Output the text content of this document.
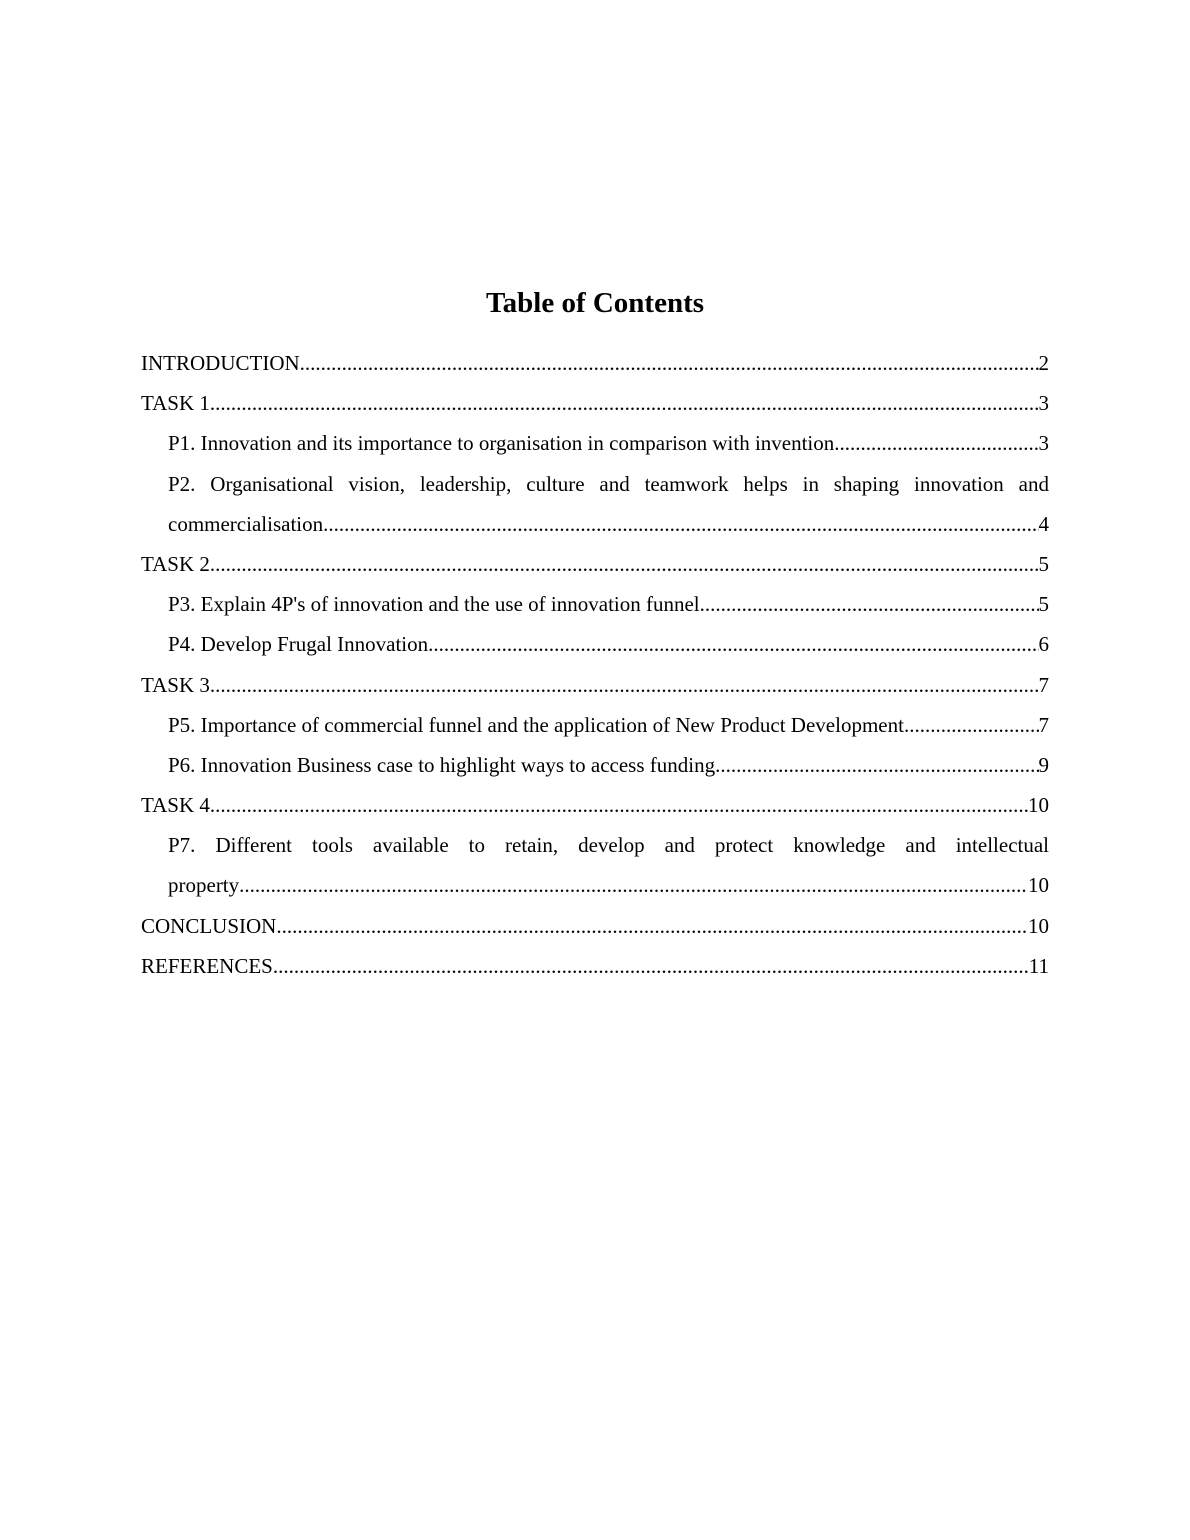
Table of Contents
INTRODUCTION .....	2
TASK 1 .....	3
P1. Innovation and its importance to organisation in comparison with invention .....	3
P2. Organisational vision, leadership, culture and teamwork helps in shaping innovation and
commercialisation .....	4
TASK 2 .....	5
P3. Explain 4P's of innovation and the use of innovation funnel .....	5
P4. Develop Frugal Innovation .....	6
TASK 3 .....	7
P5. Importance of commercial funnel and the application of New Product Development .....	7
P6. Innovation Business case to highlight ways to access funding .....	9
TASK 4 .....	10
P7. Different tools available to retain, develop and protect knowledge and intellectual
property .....	10
CONCLUSION .....	10
REFERENCES .....	11
